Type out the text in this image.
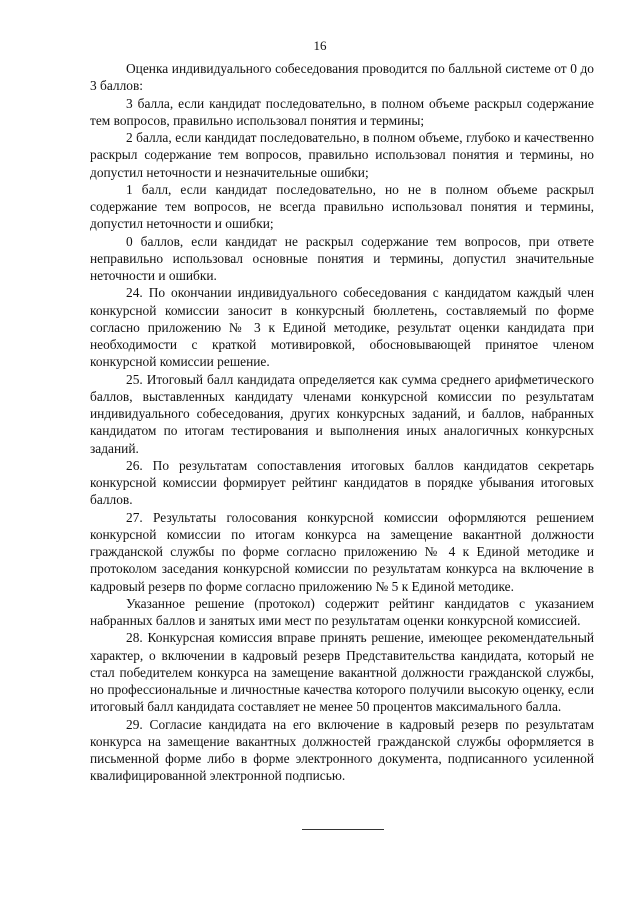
16

Оценка индивидуального собеседования проводится по балльной системе от 0 до 3 баллов:

3 балла, если кандидат последовательно, в полном объеме раскрыл содержание тем вопросов, правильно использовал понятия и термины;

2 балла, если кандидат последовательно, в полном объеме, глубоко и качественно раскрыл содержание тем вопросов, правильно использовал понятия и термины, но допустил неточности и незначительные ошибки;

1 балл, если кандидат последовательно, но не в полном объеме раскрыл содержание тем вопросов, не всегда правильно использовал понятия и термины, допустил неточности и ошибки;

0 баллов, если кандидат не раскрыл содержание тем вопросов, при ответе неправильно использовал основные понятия и термины, допустил значительные неточности и ошибки.

24. По окончании индивидуального собеседования с кандидатом каждый член конкурсной комиссии заносит в конкурсный бюллетень, составляемый по форме согласно приложению № 3 к Единой методике, результат оценки кандидата при необходимости с краткой мотивировкой, обосновывающей принятое членом конкурсной комиссии решение.

25. Итоговый балл кандидата определяется как сумма среднего арифметического баллов, выставленных кандидату членами конкурсной комиссии по результатам индивидуального собеседования, других конкурсных заданий, и баллов, набранных кандидатом по итогам тестирования и выполнения иных аналогичных конкурсных заданий.

26. По результатам сопоставления итоговых баллов кандидатов секретарь конкурсной комиссии формирует рейтинг кандидатов в порядке убывания итоговых баллов.

27. Результаты голосования конкурсной комиссии оформляются решением конкурсной комиссии по итогам конкурса на замещение вакантной должности гражданской службы по форме согласно приложению № 4 к Единой методике и протоколом заседания конкурсной комиссии по результатам конкурса на включение в кадровый резерв по форме согласно приложению № 5 к Единой методике.

Указанное решение (протокол) содержит рейтинг кандидатов с указанием набранных баллов и занятых ими мест по результатам оценки конкурсной комиссией.

28. Конкурсная комиссия вправе принять решение, имеющее рекомендательный характер, о включении в кадровый резерв Представительства кандидата, который не стал победителем конкурса на замещение вакантной должности гражданской службы, но профессиональные и личностные качества которого получили высокую оценку, если итоговый балл кандидата составляет не менее 50 процентов максимального балла.

29. Согласие кандидата на его включение в кадровый резерв по результатам конкурса на замещение вакантных должностей гражданской службы оформляется в письменной форме либо в форме электронного документа, подписанного усиленной квалифицированной электронной подписью.
